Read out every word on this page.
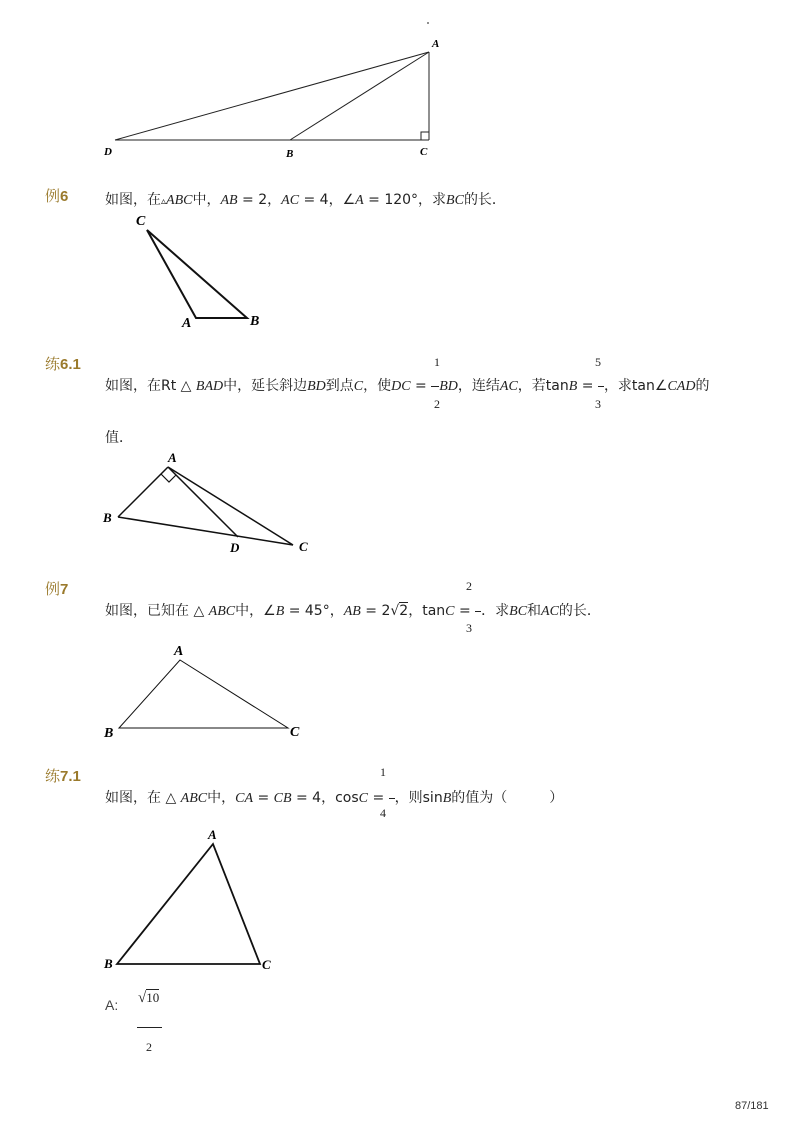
A
D	B	C
例6	如图，在▵ABC中，AB = 2，AC = 4，∠A = 120°，求BC的长．
C
A	B
练6.1	1
2
5
3
如图，在Rt △ BAD中，延长斜边BD到点C，使DC = BD，连结AC，若tanB = ，求tan∠CAD的
值．
A
B
D	C
例7	2
3
如图，已知在 △ ABC中，∠B = 45°，AB = 2√2，tanC = ．求BC和AC的长．
A
B	C
练7.1	1
4
如图，在 △ ABC中，CA = CB = 4，cosC = ，则sinB的值为（　　　）
A
B	C
A: √10
2
87/181
